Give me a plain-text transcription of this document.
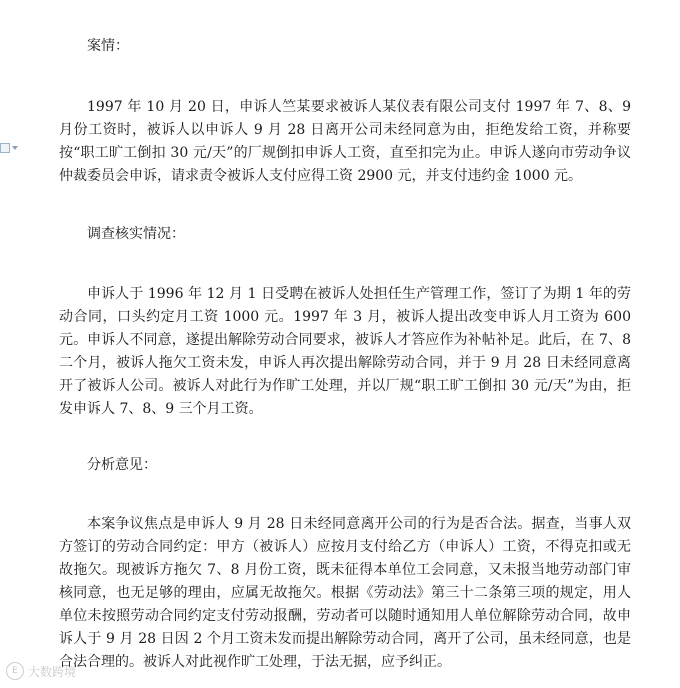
案情：

1997 年 10 月 20 日，申诉人竺某要求被诉人某仪表有限公司支付 1997 年 7、8、9 月份工资时，被诉人以申诉人 9 月 28 日离开公司未经同意为由，拒绝发给工资，并称要按“职工旷工倒扣 30 元/天”的厂规倒扣申诉人工资，直至扣完为止。申诉人遂向市劳动争议仲裁委员会申诉，请求责令被诉人支付应得工资 2900 元，并支付违约金 1000 元。

调查核实情况：

申诉人于 1996 年 12 月 1 日受聘在被诉人处担任生产管理工作，签订了为期 1 年的劳动合同，口头约定月工资 1000 元。1997 年 3 月，被诉人提出改变申诉人月工资为 600 元。申诉人不同意，遂提出解除劳动合同要求，被诉人才答应作为补帖补足。此后，在 7、8 二个月，被诉人拖欠工资未发，申诉人再次提出解除劳动合同，并于 9 月 28 日未经同意离开了被诉人公司。被诉人对此行为作旷工处理，并以厂规“职工旷工倒扣 30 元/天”为由，拒发申诉人 7、8、9 三个月工资。

分析意见：

本案争议焦点是申诉人 9 月 28 日未经同意离开公司的行为是否合法。据查，当事人双方签订的劳动合同约定：甲方（被诉人）应按月支付给乙方（申诉人）工资，不得克扣或无故拖欠。现被诉方拖欠 7、8 月份工资，既未征得本单位工会同意，又未报当地劳动部门审核同意，也无足够的理由，应属无故拖欠。根据《劳动法》第三十二条第三项的规定，用人单位未按照劳动合同约定支付劳动报酬，劳动者可以随时通知用人单位解除劳动合同，故申诉人于 9 月 28 日因 2 个月工资未发而提出解除劳动合同，离开了公司，虽未经同意，也是合法合理的。被诉人对此视作旷工处理，于法无据，应予纠正。

E 大数跨境
